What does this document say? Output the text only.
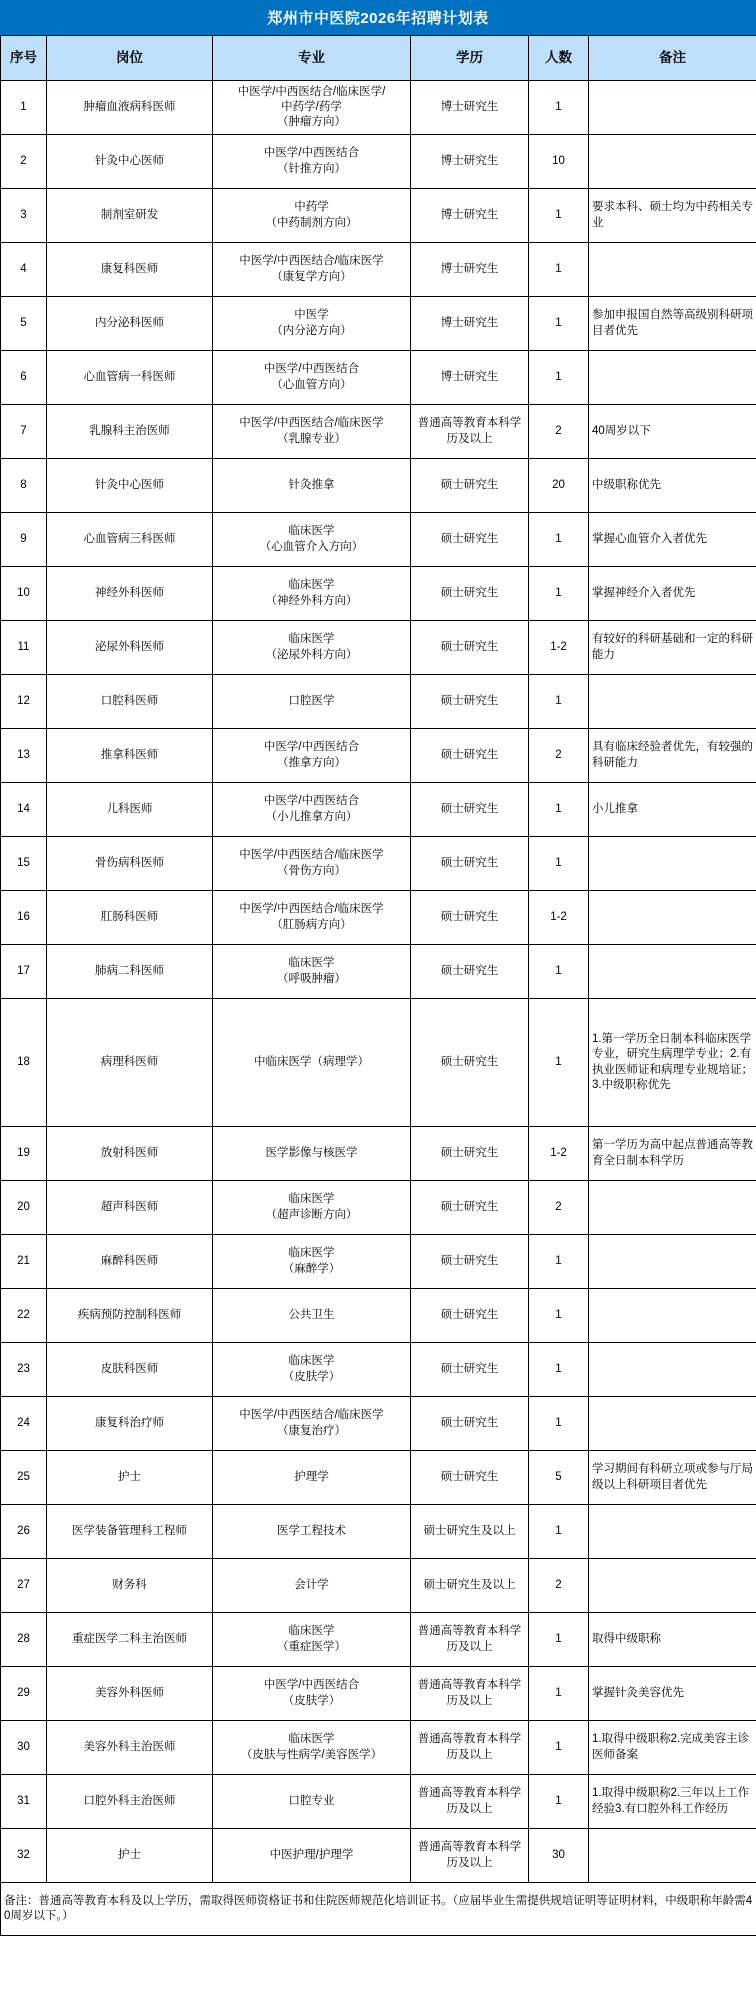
郑州市中医院2026年招聘计划表
序号	岗位	专业	学历	人数	备注
1	肿瘤血液病科医师	中医学/中西医结合/临床医学/
中药学/药学
（肿瘤方向）	博士研究生	1	
2	针灸中心医师	中医学/中西医结合
（针推方向）	博士研究生	10	
3	制剂室研发	中药学
（中药制剂方向）	博士研究生	1	要求本科、硕士均为中药相关专业
4	康复科医师	中医学/中西医结合/临床医学
（康复学方向）	博士研究生	1	
5	内分泌科医师	中医学
（内分泌方向）	博士研究生	1	参加申报国自然等高级别科研项目者优先
6	心血管病一科医师	中医学/中西医结合
（心血管方向）	博士研究生	1	
7	乳腺科主治医师	中医学/中西医结合/临床医学
（乳腺专业）	普通高等教育本科学历及以上	2	40周岁以下
8	针灸中心医师	针灸推拿	硕士研究生	20	中级职称优先
9	心血管病三科医师	临床医学
（心血管介入方向）	硕士研究生	1	掌握心血管介入者优先
10	神经外科医师	临床医学
（神经外科方向）	硕士研究生	1	掌握神经介入者优先
11	泌尿外科医师	临床医学
（泌尿外科方向）	硕士研究生	1-2	有较好的科研基础和一定的科研能力
12	口腔科医师	口腔医学	硕士研究生	1	
13	推拿科医师	中医学/中西医结合
（推拿方向）	硕士研究生	2	具有临床经验者优先，有较强的科研能力
14	儿科医师	中医学/中西医结合
（小儿推拿方向）	硕士研究生	1	小儿推拿
15	骨伤病科医师	中医学/中西医结合/临床医学
（骨伤方向）	硕士研究生	1	
16	肛肠科医师	中医学/中西医结合/临床医学
（肛肠病方向）	硕士研究生	1-2	
17	肺病二科医师	临床医学
（呼吸肿瘤）	硕士研究生	1	
18	病理科医师	中临床医学（病理学）	硕士研究生	1	1.第一学历全日制本科临床医学专业，研究生病理学专业；2.有执业医师证和病理专业规培证；3.中级职称优先
19	放射科医师	医学影像与核医学	硕士研究生	1-2	第一学历为高中起点普通高等教育全日制本科学历
20	超声科医师	临床医学
（超声诊断方向）	硕士研究生	2	
21	麻醉科医师	临床医学
（麻醉学）	硕士研究生	1	
22	疾病预防控制科医师	公共卫生	硕士研究生	1	
23	皮肤科医师	临床医学
（皮肤学）	硕士研究生	1	
24	康复科治疗师	中医学/中西医结合/临床医学
（康复治疗）	硕士研究生	1	
25	护士	护理学	硕士研究生	5	学习期间有科研立项或参与厅局级以上科研项目者优先
26	医学装备管理科工程师	医学工程技术	硕士研究生及以上	1	
27	财务科	会计学	硕士研究生及以上	2	
28	重症医学二科主治医师	临床医学
（重症医学）	普通高等教育本科学历及以上	1	取得中级职称
29	美容外科医师	中医学/中西医结合
（皮肤学）	普通高等教育本科学历及以上	1	掌握针灸美容优先
30	美容外科主治医师	临床医学
（皮肤与性病学/美容医学）	普通高等教育本科学历及以上	1	1.取得中级职称2.完成美容主诊医师备案
31	口腔外科主治医师	口腔专业	普通高等教育本科学历及以上	1	1.取得中级职称2.三年以上工作经验3.有口腔外科工作经历
32	护士	中医护理/护理学	普通高等教育本科学历及以上	30	
备注：普通高等教育本科及以上学历，需取得医师资格证书和住院医师规范化培训证书。（应届毕业生需提供规培证明等证明材料，中级职称年龄需40周岁以下。）					
